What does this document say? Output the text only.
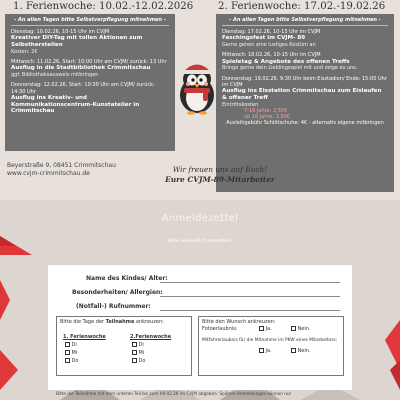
1. Ferienwoche: 10.02.-12.02.2026 2. Ferienwoche: 17.02.-19.02.26
- An allen Tagen bitte Selbstverpflegung mitnehmen -
Dienstag: 10.02.26, 10-15 Uhr im CVJM
Kreativer DIY-Tag mit tollen Aktionen zum Selbstherstellen
Kosten: 2€
Mittwoch: 11.02.26, Start: 10:00 Uhr am CVJM/ zurück: 13 Uhr
Ausflug in die Stadtbibliothek Crimmitschau
ggf. Bibliotheksausweis mitbringen
Donnerstag: 12.02.26, Start: 10:30 Uhr am CVJM/ zurück: 14:30 Uhr
Ausflug ins Kreativ- und Kommunikationscentrum-Kunstatelier in Crimmitschau
- An allen Tagen bitte Selbstverpflegung mitnehmen -
Dienstag: 17.02.26, 10-15 Uhr im CVJM
Faschingsfest im CVJM- 89
Gerne gehen eine lustiges Kostüm an
Mittwoch: 18.02.26, 10-15 Uhr im CVJM
Spieletag & Angebote des offenen Treffs
Bringe gerne dein Lieblingsspiel mit und zeige es uns.
Donnerstag: 19.02.26, 9:30 Uhr beim Eisstadion/ Ende: 15:00 Uhr im CVJM
Ausflug ins Eisstation Crimmitschau zum Eislaufen & offener Treff
Eintrittskosten
7-16 Jahre: 2,50€
ab 16 Jahre: 3,50€
Ausleihgebühr Schlittschuhe: 4€ - alternativ eigene mitbringen
Beyerstraße 9, 08451 Crimmitschau
www.cvjm-crimmitschau.de	Wir freuen uns auf Euch!
Eure CVJM-89-Mitarbeiter
Anmeldezettel
- Bitte verbindlich anmelden! -
Name des Kindes/ Alter:
Besonderheiten/ Allergien:
(Notfall-) Rufnummer:
Bitte die Tage der Teilnahme ankreuzen:
1. Ferienwoche
Di
Mi
Do
2.Ferienwoche
Di
Mi
Do
Bitte den Wunsch ankreuzen:
Fotoerlaubnis:	Ja.	Nein.
Mitfahrerlaubnis für die Mitnahme im PKW eines Mitarbeiters:
Ja.	Nein.
Bitte die Teilnahme mit dem unteren Teil bis zum 09.02.26 im CVJM abgeben. Spätere Anmeldungen können nur
